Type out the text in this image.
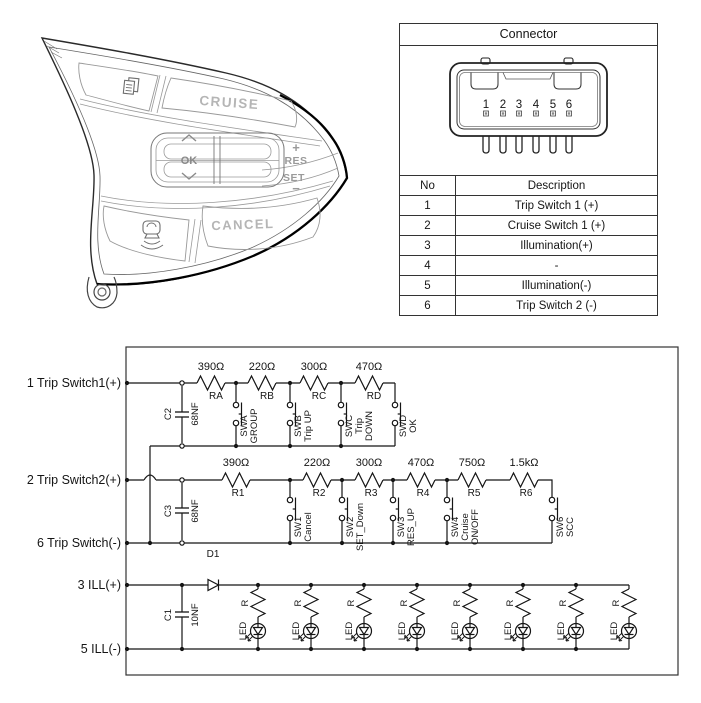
CRUISE
OK
+
RES
SET
−
CANCEL
Connector
1 2 3 4 5 6
No	Description
1	Trip Switch 1 (+)
2	Cruise Switch 1 (+)
3	Illumination(+)
4	-
5	Illumination(-)
6	Trip Switch 2 (-)
1 Trip Switch1(+)
2 Trip Switch2(+)
6 Trip Switch(-)
3 ILL(+)
5 ILL(-)
390Ω 220Ω 300Ω	470Ω
RA	RB	RC	RD
SWA GROUP	SWB Trip UP	SWC Trip DOWN SWD OK
C2 68NF
390Ω	220Ω 300Ω 470Ω 750Ω 1.5kΩ
R1	R2	R3	R4	R5	R6
SW1 Cancel	SW2 SET_Down	SW3 RES_UP	SW4 Cruise ON/OFF	SW6 SCC
C3 68NF
D1
C1 10NF
R
LED
R
LED
R
LED
R
LED
R
LED
R
LED
R
LED
R
LED
